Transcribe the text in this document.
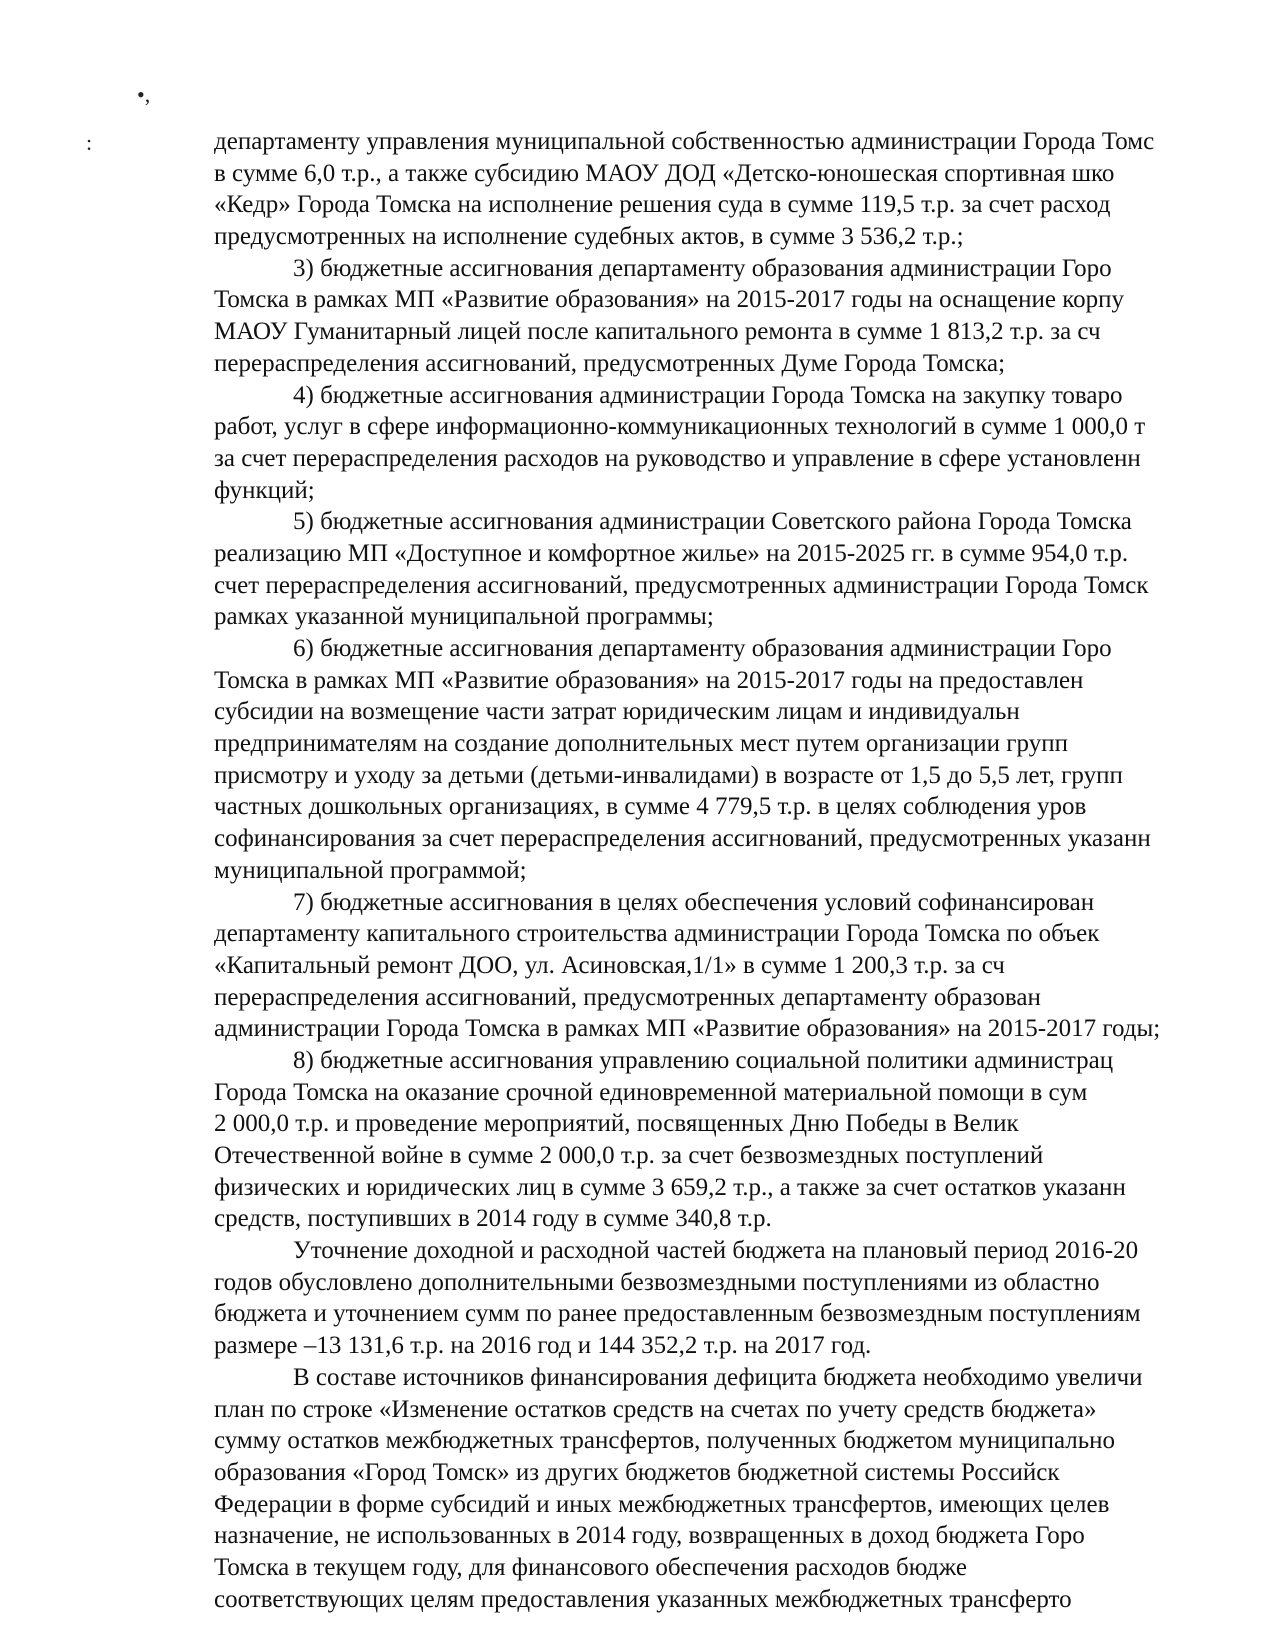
•,
:	департаменту управления муниципальной собственностью администрации Города Томс
в сумме 6,0 т.р., а также субсидию МАОУ ДОД «Детско-юношеская спортивная шко
«Кедр» Города Томска на исполнение решения суда в сумме 119,5 т.р. за счет расход
предусмотренных на исполнение судебных актов, в сумме 3 536,2 т.р.;
3) бюджетные ассигнования департаменту образования администрации Горо
Томска в рамках МП «Развитие образования» на 2015-2017 годы на оснащение корпу
МАОУ Гуманитарный лицей после капитального ремонта в сумме 1 813,2 т.р. за сч
перераспределения ассигнований, предусмотренных Думе Города Томска;
4) бюджетные ассигнования администрации Города Томска на закупку товаро
работ, услуг в сфере информационно-коммуникационных технологий в сумме 1 000,0 т
за счет перераспределения расходов на руководство и управление в сфере установленн
функций;
5) бюджетные ассигнования администрации Советского района Города Томска
реализацию МП «Доступное и комфортное жилье» на 2015-2025 гг. в сумме 954,0 т.р.
счет перераспределения ассигнований, предусмотренных администрации Города Томск
рамках указанной муниципальной программы;
6) бюджетные ассигнования департаменту образования администрации Горо
Томска в рамках МП «Развитие образования» на 2015-2017 годы на предоставлен
субсидии на возмещение части затрат юридическим лицам и индивидуальн
предпринимателям на создание дополнительных мест путем организации групп
присмотру и уходу за детьми (детьми-инвалидами) в возрасте от 1,5 до 5,5 лет, групп
частных дошкольных организациях, в сумме 4 779,5 т.р. в целях соблюдения уров
софинансирования за счет перераспределения ассигнований, предусмотренных указанн
муниципальной программой;
7) бюджетные ассигнования в целях обеспечения условий софинансирован
департаменту капитального строительства администрации Города Томска по объек
«Капитальный ремонт ДОО, ул. Асиновская,1/1» в сумме 1 200,3 т.р. за сч
перераспределения ассигнований, предусмотренных департаменту образован
администрации Города Томска в рамках МП «Развитие образования» на 2015-2017 годы;
8) бюджетные ассигнования управлению социальной политики администрац
Города Томска на оказание срочной единовременной материальной помощи в сум
2 000,0 т.р. и проведение мероприятий, посвященных Дню Победы в Велик
Отечественной войне в сумме 2 000,0 т.р. за счет безвозмездных поступлений
физических и юридических лиц в сумме 3 659,2 т.р., а также за счет остатков указанн
средств, поступивших в 2014 году в сумме 340,8 т.р.
Уточнение доходной и расходной частей бюджета на плановый период 2016-20
годов обусловлено дополнительными безвозмездными поступлениями из областно
бюджета и уточнением сумм по ранее предоставленным безвозмездным поступлениям
размере –13 131,6 т.р. на 2016 год и 144 352,2 т.р. на 2017 год.
В составе источников финансирования дефицита бюджета необходимо увеличи
план по строке «Изменение остатков средств на счетах по учету средств бюджета»
сумму остатков межбюджетных трансфертов, полученных бюджетом муниципально
образования «Город Томск» из других бюджетов бюджетной системы Российск
Федерации в форме субсидий и иных межбюджетных трансфертов, имеющих целев
назначение, не использованных в 2014 году, возвращенных в доход бюджета Горо
Томска в текущем году, для финансового обеспечения расходов бюдже
соответствующих целям предоставления указанных межбюджетных трансферто
